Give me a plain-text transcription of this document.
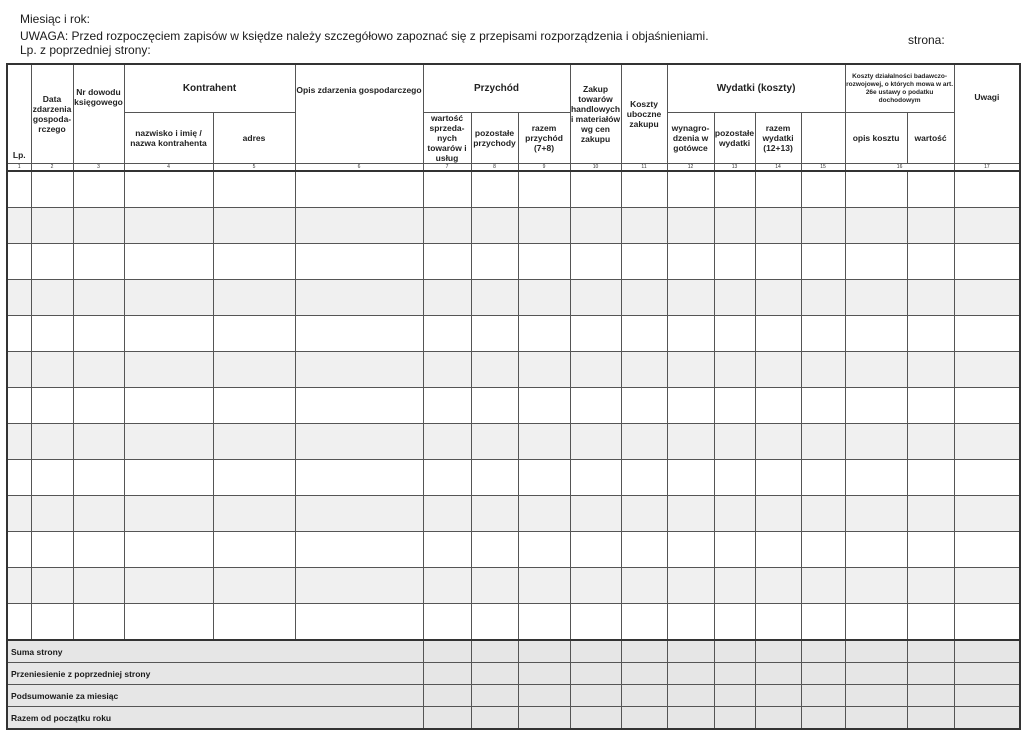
Miesiąc i rok:
UWAGA: Przed rozpoczęciem zapisów w księdze należy szczegółowo zapoznać się z przepisami rozporządzenia i objaśnieniami.
Lp. z poprzedniej strony:
strona:
Lp.	Data zdarzenia gospoda-rczego	Nr dowodu księgowego	Kontrahent		Opis zdarzenia gospodarczego	Przychód			Zakup towarów handlowych i materiałów wg cen zakupu	Koszty uboczne zakupu	Wydatki (koszty)				Koszty działalności badawczo-rozwojowej, o których mowa w art. 26e ustawy o podatku dochodowym		Uwagi
			nazwisko i imię / nazwa kontrahenta	adres		wartość sprzeda-nych towarów i usług	pozostałe przychody	razem przychód (7+8)			wynagro-dzenia w gotówce	pozostałe wydatki	razem wydatki (12+13)		opis kosztu	wartość	
1	2	3	4	5	6	7	8	9	10	11	12	13	14	15	16		17

Suma strony																	
Przeniesienie z poprzedniej strony																	
Podsumowanie za miesiąc																	
Razem od początku roku																	
